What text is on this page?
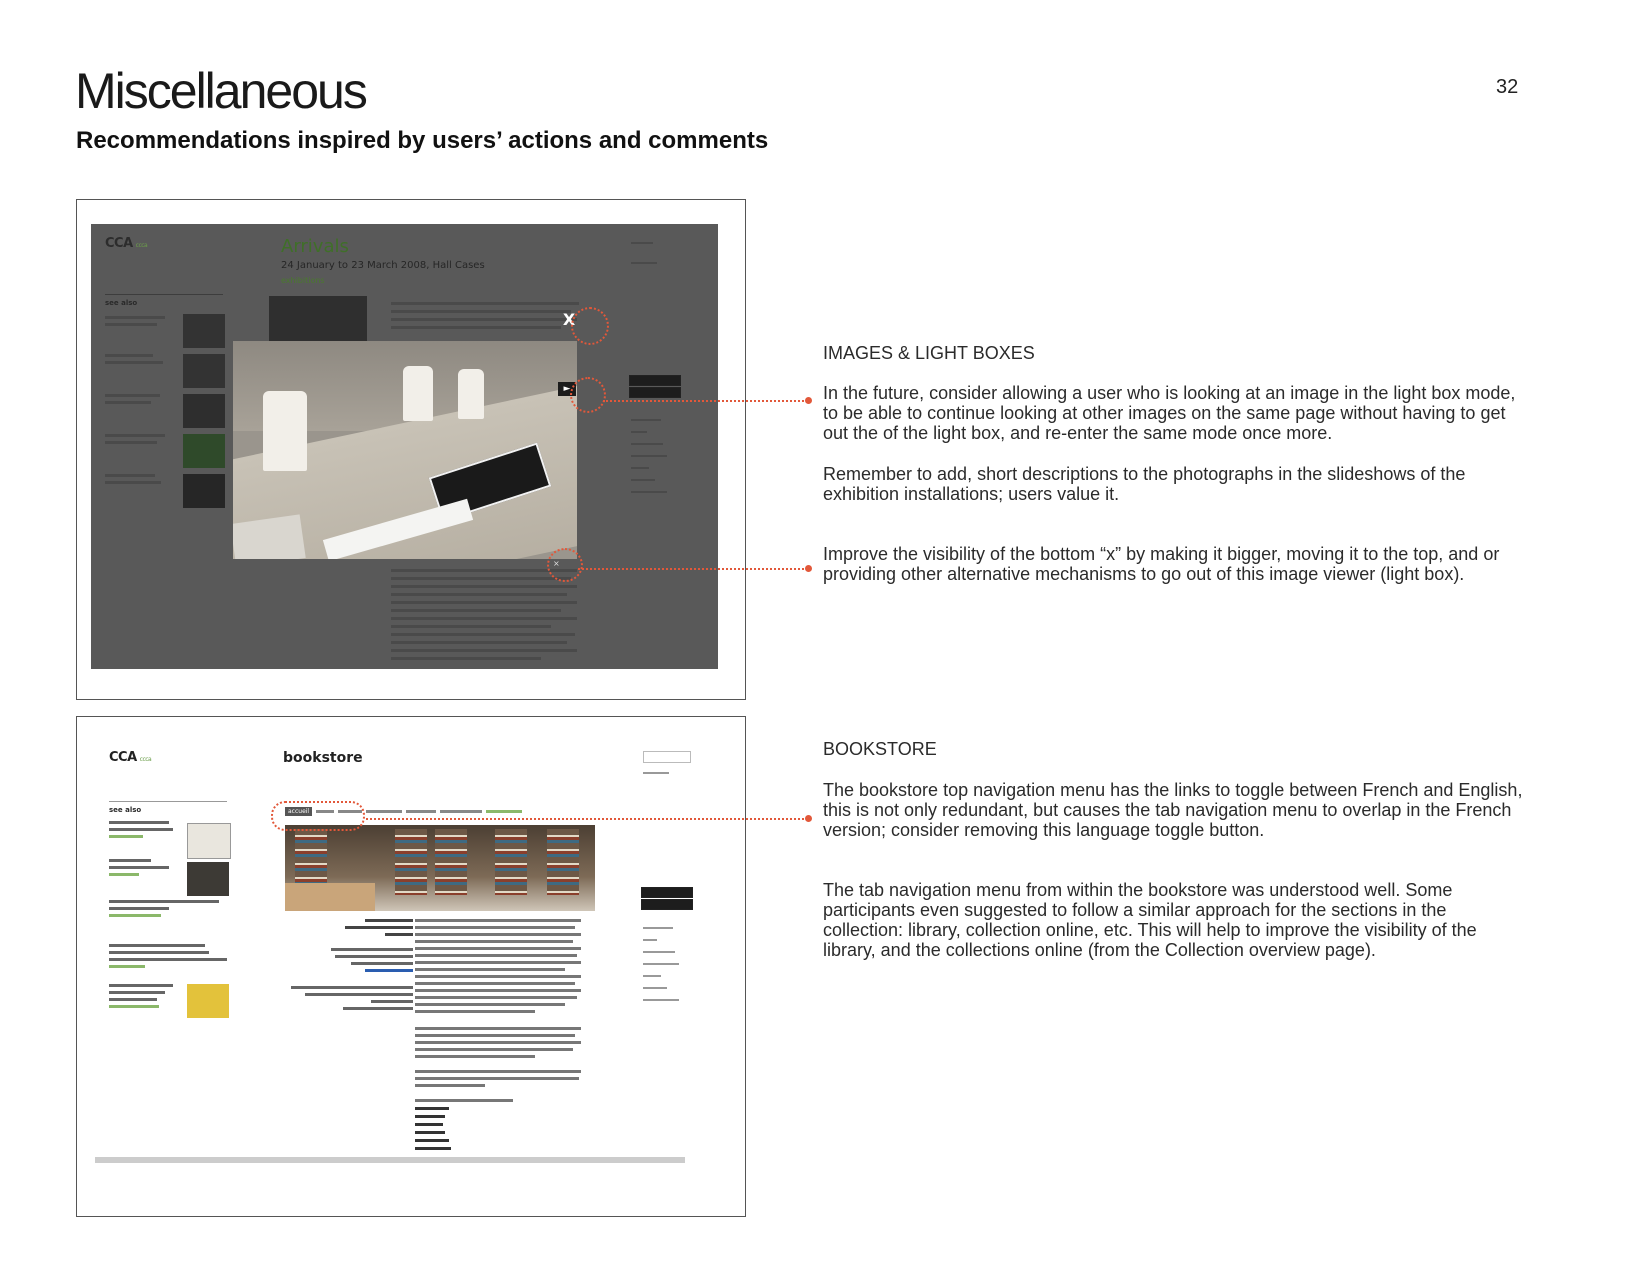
Miscellaneous
Recommendations inspired by users’ actions and comments
32
CCA ccca
see also
Arrivals
24 January to 23 March 2008, Hall Cases
exhibitions
X
►
×
CCA ccca	bookstore
see also	accueil
IMAGES & LIGHT BOXES
In the future, consider allowing a user who is looking at an image in the light box mode, to be able to continue looking at other images on the same page without having to get out the of the light box, and re-enter the same mode once more.
Remember to add, short descriptions to the photographs in the slideshows of the exhibition installations; users value it.
Improve the visibility of the bottom “x” by making it bigger, moving it to the top, and or providing other alternative mechanisms to go out of this image viewer (light box).
BOOKSTORE
The bookstore top navigation menu has the links to toggle between French and English, this is not only redundant, but causes the tab navigation menu to overlap in the French version; consider removing this language toggle button.
The tab navigation menu from within the bookstore was understood well. Some participants even suggested to follow a similar approach for the sections in the collection: library, collection online, etc. This will help to improve the visibility of the library, and the collections online (from the Collection overview page).
